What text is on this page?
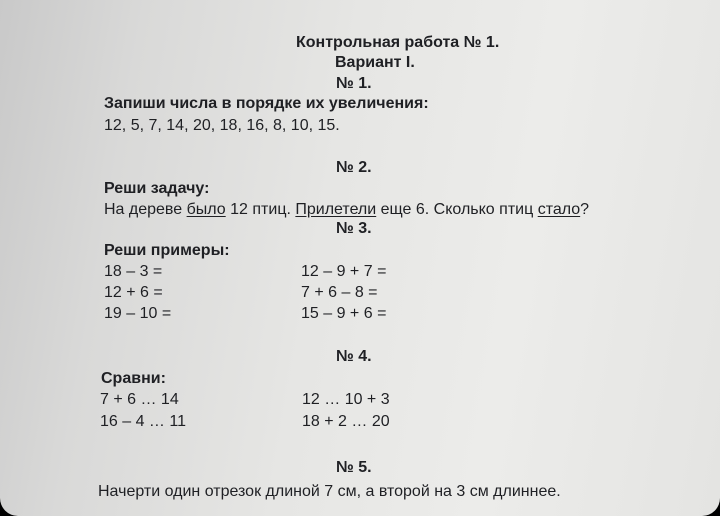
Контрольная работа № 1.
Вариант I.
№ 1.
Запиши числа в порядке их увеличения:
12, 5, 7, 14, 20, 18, 16, 8, 10, 15.
№ 2.
Реши задачу:
На дереве было 12 птиц. Прилетели еще 6. Сколько птиц стало?
№ 3.
Реши примеры:
18 – 3 =
12 + 6 =
19 – 10 =
12 – 9 + 7 =
7 + 6 – 8 =
15 – 9 + 6 =
№ 4.
Сравни:
7 + 6 … 14
16 – 4 … 11
12 … 10 + 3
18 + 2 … 20
№ 5.
Начерти один отрезок длиной 7 см, а второй на 3 см длиннее.
